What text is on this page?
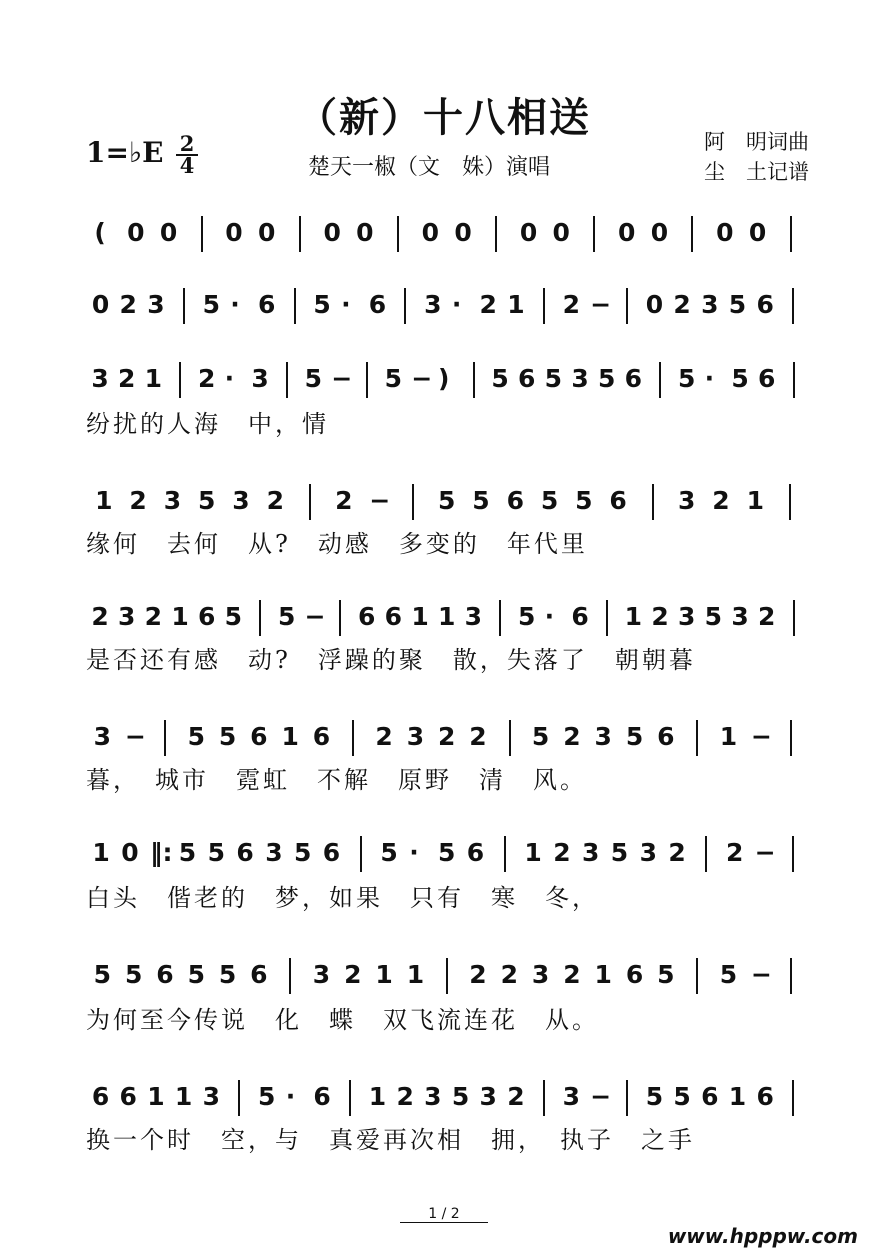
（新）十八相送
1=♭E $\frac{2}{4}$	楚天一椒（文　姝）演唱
阿　明词曲
尘　土记谱
( 0 0 0 0 0 0 0 0 0 0 0 0 0 0
0 2 3 5 · 6 5 · 6 3 · 2 1 2 − 0 2 3 5 6
3 2 1 2 · 3 5 − 5 − ) 5 6 5 3 5 6 5 · 5 6
纷扰的人海　中，情
1 2 3 5 3 2 2 − 5 5 6 5 5 6 3 2 1
缘何　去何　从?　动感　多变的　年代里
2 3 2 1 6 5 5 − 6 6 1 1 3 5 · 6 1 2 3 5 3 2
是否还有感　动?　浮躁的聚　散，失落了　朝朝暮
3 − 5 5 6 1 6 2 3 2 2 5 2 3 5 6 1 −
暮，　城市　霓虹　不解　原野　清　风。
1 0 ‖: 5 5 6 3 5 6 5 · 5 6 1 2 3 5 3 2 2 −
白头　偕老的　梦，如果　只有　寒　冬，
5 5 6 5 5 6 3 2 1 1 2 2 3 2 1 6 5 5 −
为何至今传说　化　蝶　双飞流连花　从。
6 6 1 1 3 5 · 6 1 2 3 5 3 2 3 − 5 5 6 1 6
换一个时　空，与　真爱再次相　拥，　执子　之手
1 / 2
www.hpppw.com
